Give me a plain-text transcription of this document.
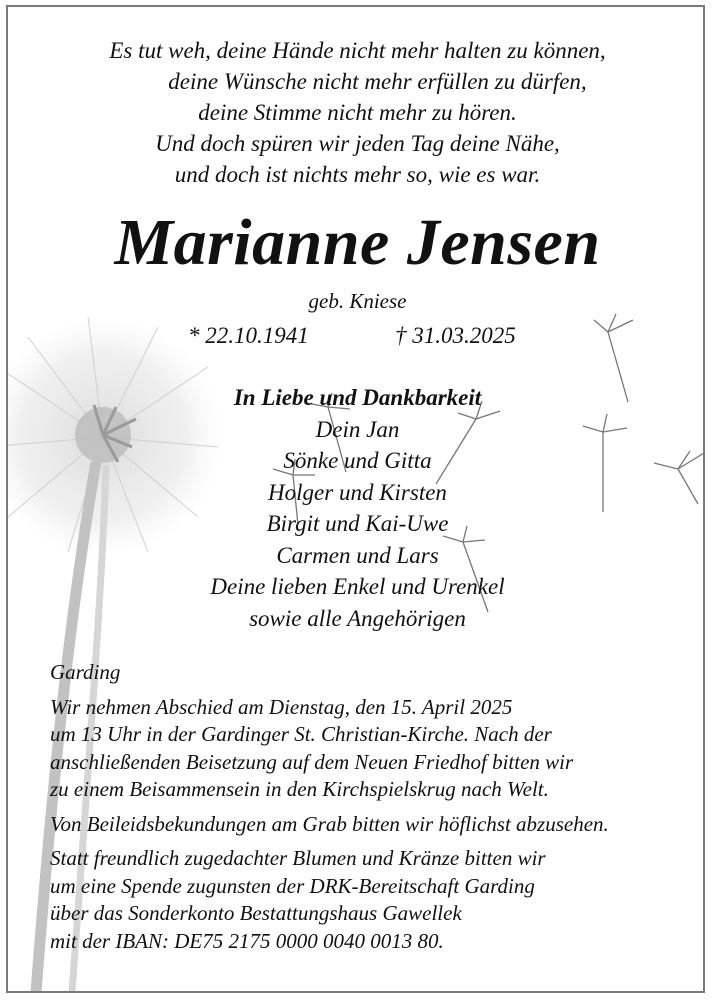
Es tut weh, deine Hände nicht mehr halten zu können,
deine Wünsche nicht mehr erfüllen zu dürfen,
deine Stimme nicht mehr zu hören.
Und doch spüren wir jeden Tag deine Nähe,
und doch ist nichts mehr so, wie es war.
Marianne Jensen
geb. Kniese
* 22.10.1941	† 31.03.2025
In Liebe und Dankbarkeit
Dein Jan
Sönke und Gitta
Holger und Kirsten
Birgit und Kai-Uwe
Carmen und Lars
Deine lieben Enkel und Urenkel
sowie alle Angehörigen

Garding

Wir nehmen Abschied am Dienstag, den 15. April 2025

um 13 Uhr in der Gardinger St. Christian-Kirche. Nach der

anschließenden Beisetzung auf dem Neuen Friedhof bitten wir

zu einem Beisammensein in den Kirchspielskrug nach Welt.

Von Beileidsbekundungen am Grab bitten wir höflichst abzusehen.

Statt freundlich zugedachter Blumen und Kränze bitten wir

um eine Spende zugunsten der DRK-Bereitschaft Garding

über das Sonderkonto Bestattungshaus Gawellek

mit der IBAN: DE75 2175 0000 0040 0013 80.
